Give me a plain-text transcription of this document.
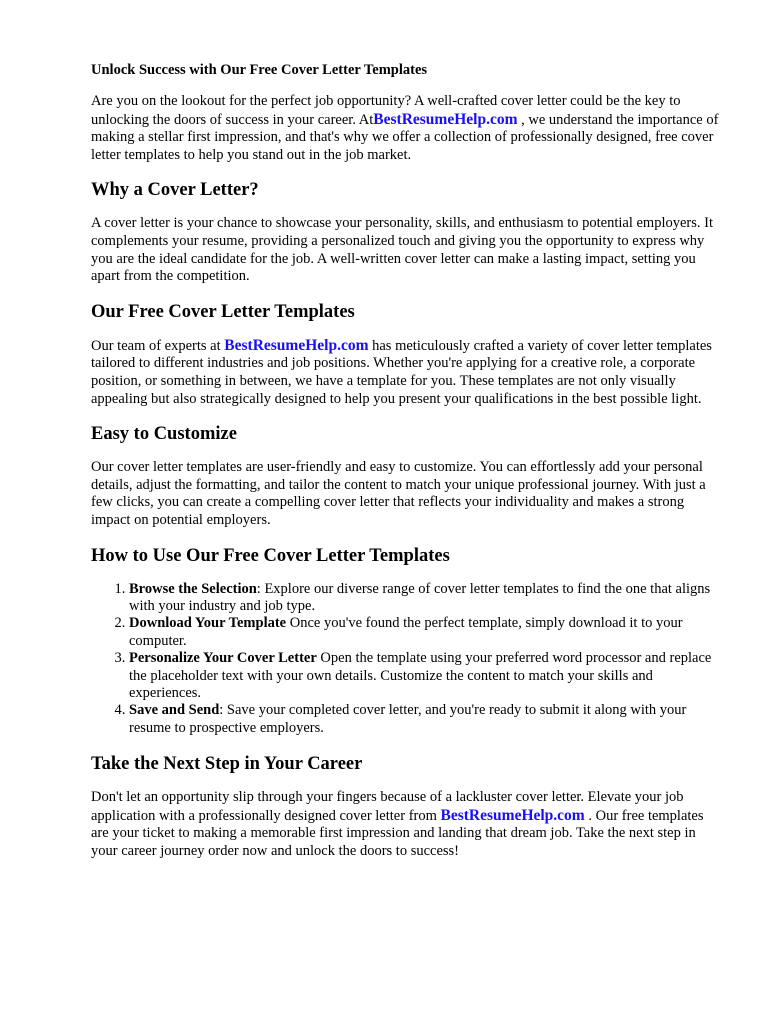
Unlock Success with Our Free Cover Letter Templates

Are you on the lookout for the perfect job opportunity? A well-crafted cover letter could be the key to unlocking the doors of success in your career. AtBestResumeHelp.com , we understand the importance of making a stellar first impression, and that's why we offer a collection of professionally designed, free cover letter templates to help you stand out in the job market.

Why a Cover Letter?

A cover letter is your chance to showcase your personality, skills, and enthusiasm to potential employers. It complements your resume, providing a personalized touch and giving you the opportunity to express why you are the ideal candidate for the job. A well-written cover letter can make a lasting impact, setting you apart from the competition.

Our Free Cover Letter Templates

Our team of experts at BestResumeHelp.com has meticulously crafted a variety of cover letter templates tailored to different industries and job positions. Whether you're applying for a creative role, a corporate position, or something in between, we have a template for you. These templates are not only visually appealing but also strategically designed to help you present your qualifications in the best possible light.

Easy to Customize

Our cover letter templates are user-friendly and easy to customize. You can effortlessly add your personal details, adjust the formatting, and tailor the content to match your unique professional journey. With just a few clicks, you can create a compelling cover letter that reflects your individuality and makes a strong impact on potential employers.

How to Use Our Free Cover Letter Templates
1. Browse the Selection: Explore our diverse range of cover letter templates to find the one that aligns with your industry and job type.
2. Download Your Template Once you've found the perfect template, simply download it to your computer.
3. Personalize Your Cover Letter Open the template using your preferred word processor and replace the placeholder text with your own details. Customize the content to match your skills and experiences.
4. Save and Send: Save your completed cover letter, and you're ready to submit it along with your resume to prospective employers.
Take the Next Step in Your Career

Don't let an opportunity slip through your fingers because of a lackluster cover letter. Elevate your job application with a professionally designed cover letter from BestResumeHelp.com . Our free templates are your ticket to making a memorable first impression and landing that dream job. Take the next step in your career journey order now and unlock the doors to success!
